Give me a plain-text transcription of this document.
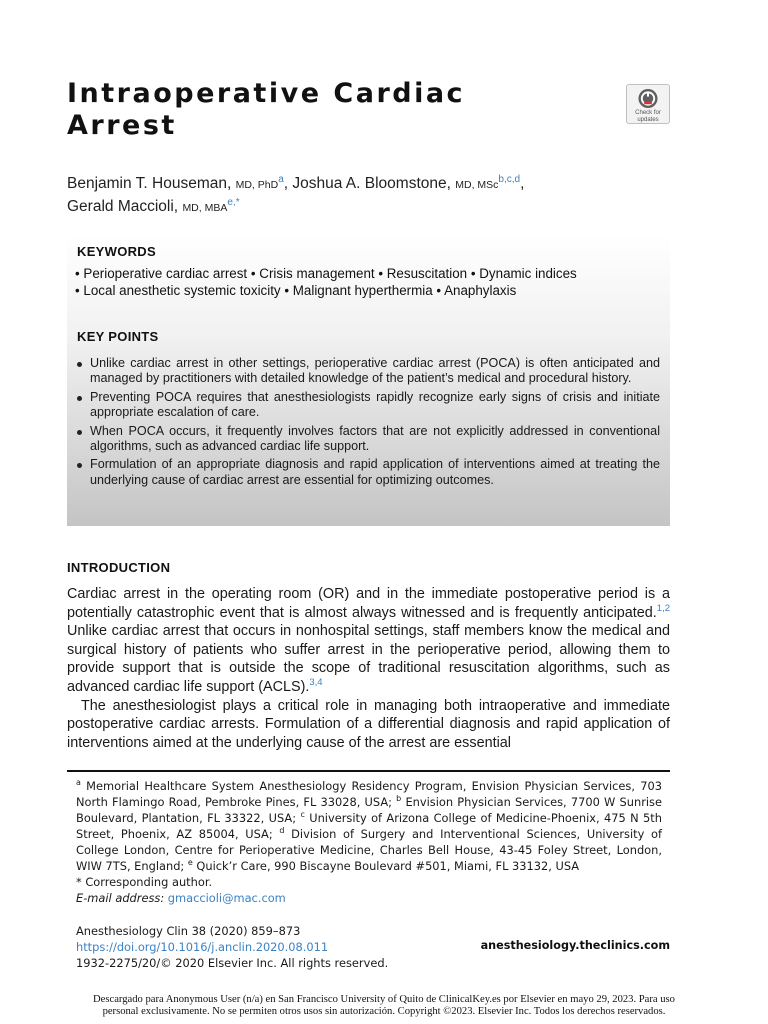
Intraoperative Cardiac
Arrest	Check for
updates
Benjamin T. Houseman, MD, PhD$^a$, Joshua A. Bloomstone, MD, MSc$^{b,c,d}$,
Gerald Maccioli, MD, MBA$^{e,*}$
KEYWORDS
• Perioperative cardiac arrest • Crisis management • Resuscitation • Dynamic indices
• Local anesthetic systemic toxicity • Malignant hyperthermia • Anaphylaxis
KEY POINTS
Unlike cardiac arrest in other settings, perioperative cardiac arrest (POCA) is often anticipated and managed by practitioners with detailed knowledge of the patient’s medical and procedural history.
Preventing POCA requires that anesthesiologists rapidly recognize early signs of crisis and initiate appropriate escalation of care.
When POCA occurs, it frequently involves factors that are not explicitly addressed in conventional algorithms, such as advanced cardiac life support.
Formulation of an appropriate diagnosis and rapid application of interventions aimed at treating the underlying cause of cardiac arrest are essential for optimizing outcomes.
INTRODUCTION

Cardiac arrest in the operating room (OR) and in the immediate postoperative period is a potentially catastrophic event that is almost always witnessed and is frequently anticipated.$^{1,2}$ Unlike cardiac arrest that occurs in nonhospital settings, staff members know the medical and surgical history of patients who suffer arrest in the perioperative period, allowing them to provide support that is outside the scope of traditional resuscitation algorithms, such as advanced cardiac life support (ACLS).$^{3,4}$

The anesthesiologist plays a critical role in managing both intraoperative and immediate postoperative cardiac arrests. Formulation of a differential diagnosis and rapid application of interventions aimed at the underlying cause of the arrest are essential

$^a$ Memorial Healthcare System Anesthesiology Residency Program, Envision Physician Services, 703 North Flamingo Road, Pembroke Pines, FL 33028, USA; $^b$ Envision Physician Services, 7700 W Sunrise Boulevard, Plantation, FL 33322, USA; $^c$ University of Arizona College of Medicine-Phoenix, 475 N 5th Street, Phoenix, AZ 85004, USA; $^d$ Division of Surgery and Interventional Sciences, University of College London, Centre for Perioperative Medicine, Charles Bell House, 43-45 Foley Street, London, WIW 7TS, England; $^e$ Quick’r Care, 990 Biscayne Boulevard #501, Miami, FL 33132, USA

* Corresponding author.

E-mail address: gmaccioli@mac.com

Anesthesiology Clin 38 (2020) 859–873
https://doi.org/10.1016/j.anclin.2020.08.011
1932-2275/20/© 2020 Elsevier Inc. All rights reserved.
anesthesiology.theclinics.com
Descargado para Anonymous User (n/a) en San Francisco University of Quito de ClinicalKey.es por Elsevier en mayo 29, 2023. Para uso
personal exclusivamente. No se permiten otros usos sin autorización. Copyright ©2023. Elsevier Inc. Todos los derechos reservados.
